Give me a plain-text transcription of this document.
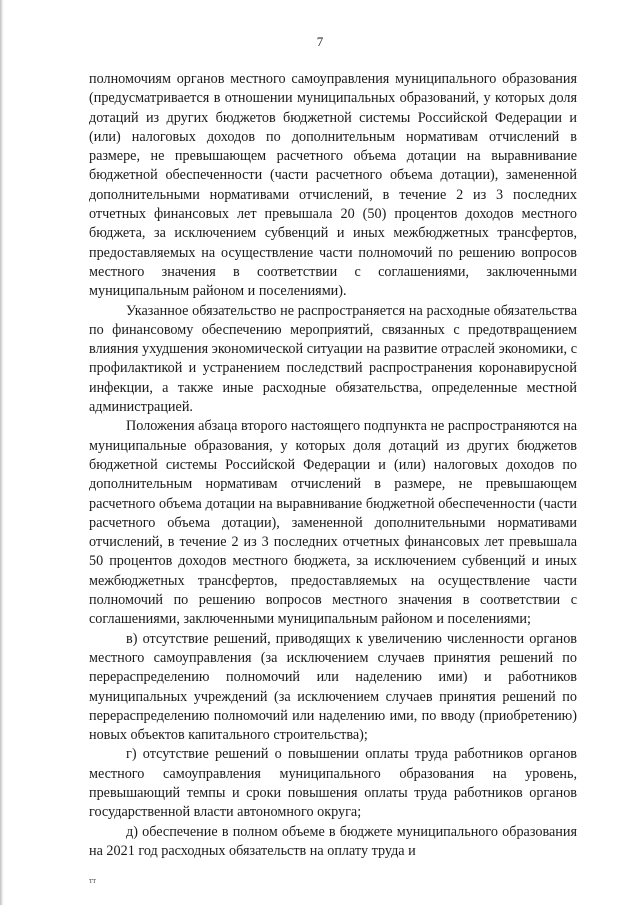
7

полномочиям органов местного самоуправления муниципального образования (предусматривается в отношении муниципальных образований, у которых доля дотаций из других бюджетов бюджетной системы Российской Федерации и (или) налоговых доходов по дополнительным нормативам отчислений в размере, не превышающем расчетного объема дотации на выравнивание бюджетной обеспеченности (части расчетного объема дотации), замененной дополнительными нормативами отчислений, в течение 2 из 3 последних отчетных финансовых лет превышала 20 (50) процентов доходов местного бюджета, за исключением субвенций и иных межбюджетных трансфертов, предоставляемых на осуществление части полномочий по решению вопросов местного значения в соответствии с соглашениями, заключенными муниципальным районом и поселениями).

Указанное обязательство не распространяется на расходные обязательства по финансовому обеспечению мероприятий, связанных с предотвращением влияния ухудшения экономической ситуации на развитие отраслей экономики, с профилактикой и устранением последствий распространения коронавирусной инфекции, а также иные расходные обязательства, определенные местной администрацией.

Положения абзаца второго настоящего подпункта не распространяются на муниципальные образования, у которых доля дотаций из других бюджетов бюджетной системы Российской Федерации и (или) налоговых доходов по дополнительным нормативам отчислений в размере, не превышающем расчетного объема дотации на выравнивание бюджетной обеспеченности (части расчетного объема дотации), замененной дополнительными нормативами отчислений, в течение 2 из 3 последних отчетных финансовых лет превышала 50 процентов доходов местного бюджета, за исключением субвенций и иных межбюджетных трансфертов, предоставляемых на осуществление части полномочий по решению вопросов местного значения в соответствии с соглашениями, заключенными муниципальным районом и поселениями;

в) отсутствие решений, приводящих к увеличению численности органов местного самоуправления (за исключением случаев принятия решений по перераспределению полномочий или наделению ими) и работников муниципальных учреждений (за исключением случаев принятия решений по перераспределению полномочий или наделению ими, по вводу (приобретению) новых объектов капитального строительства);

г) отсутствие решений о повышении оплаты труда работников органов местного самоуправления муниципального образования на уровень, превышающий темпы и сроки повышения оплаты труда работников органов государственной власти автономного округа;

д) обеспечение в полном объеме в бюджете муниципального образования на 2021 год расходных обязательств на оплату труда и

тт
